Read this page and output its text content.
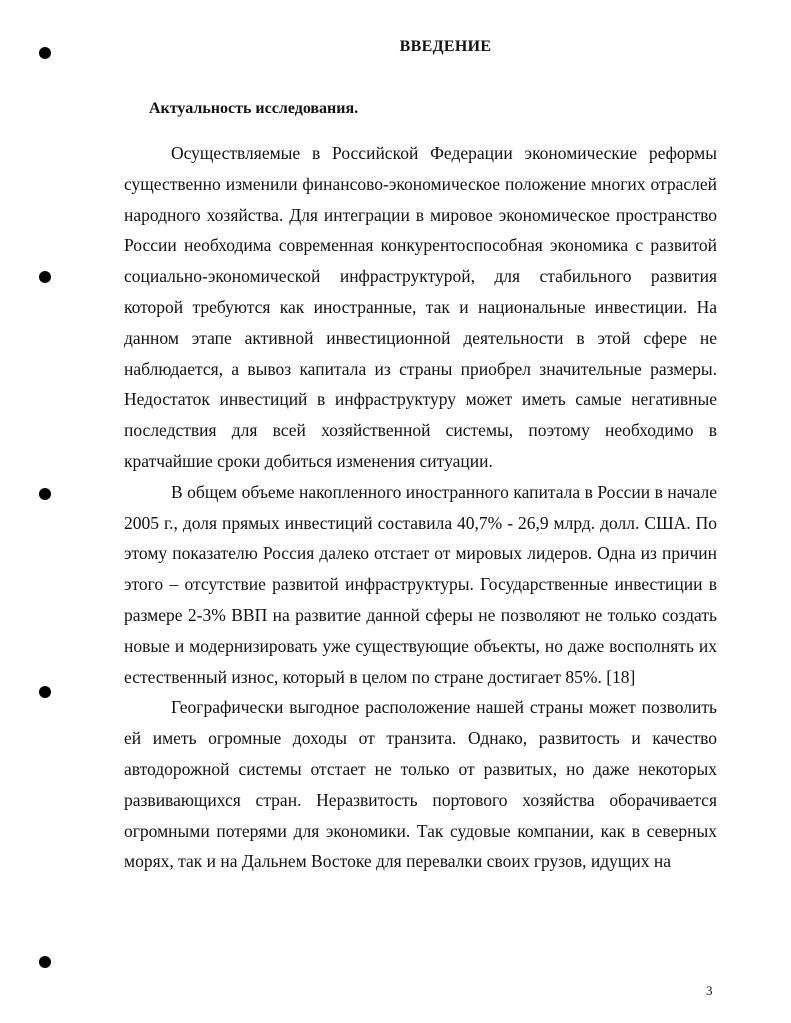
ВВЕДЕНИЕ
Актуальность исследования.

Осуществляемые в Российской Федерации экономические реформы существенно изменили финансово-экономическое положение многих отраслей народного хозяйства. Для интеграции в мировое экономическое пространство России необходима современная конкурентоспособная экономика с развитой социально-экономической инфраструктурой, для стабильного развития которой требуются как иностранные, так и национальные инвестиции. На данном этапе активной инвестиционной деятельности в этой сфере не наблюдается, а вывоз капитала из страны приобрел значительные размеры. Недостаток инвестиций в инфраструктуру может иметь самые негативные последствия для всей хозяйственной системы, поэтому необходимо в кратчайшие сроки добиться изменения ситуации.

В общем объеме накопленного иностранного капитала в России в начале 2005 г., доля прямых инвестиций составила 40,7% - 26,9 млрд. долл. США. По этому показателю Россия далеко отстает от мировых лидеров. Одна из причин этого – отсутствие развитой инфраструктуры. Государственные инвестиции в размере 2-3% ВВП на развитие данной сферы не позволяют не только создать новые и модернизировать уже существующие объекты, но даже восполнять их естественный износ, который в целом по стране достигает 85%. [18]

Географически выгодное расположение нашей страны может позволить ей иметь огромные доходы от транзита. Однако, развитость и качество автодорожной системы отстает не только от развитых, но даже некоторых развивающихся стран. Неразвитость портового хозяйства оборачивается огромными потерями для экономики. Так судовые компании, как в северных морях, так и на Дальнем Востоке для перевалки своих грузов, идущих на

3
